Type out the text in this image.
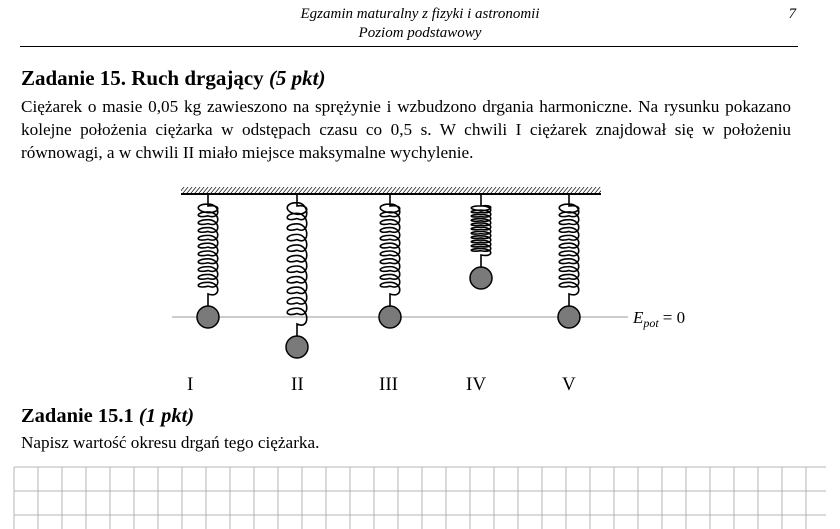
Egzamin maturalny z fizyki i astronomii
Poziom podstawowy
7
Zadanie 15. Ruch drgający (5 pkt)
Ciężarek o masie 0,05 kg zawieszono na sprężynie i wzbudzono drgania harmoniczne. Na rysunku pokazano kolejne położenia ciężarka w odstępach czasu co 0,5 s. W chwili I ciężarek znajdował się w położeniu równowagi, a w chwili II miało miejsce maksymalne wychylenie.
I	II	III	IV	V
$E_{pot} = 0$
Zadanie 15.1 (1 pkt)
Napisz wartość okresu drgań tego ciężarka.
